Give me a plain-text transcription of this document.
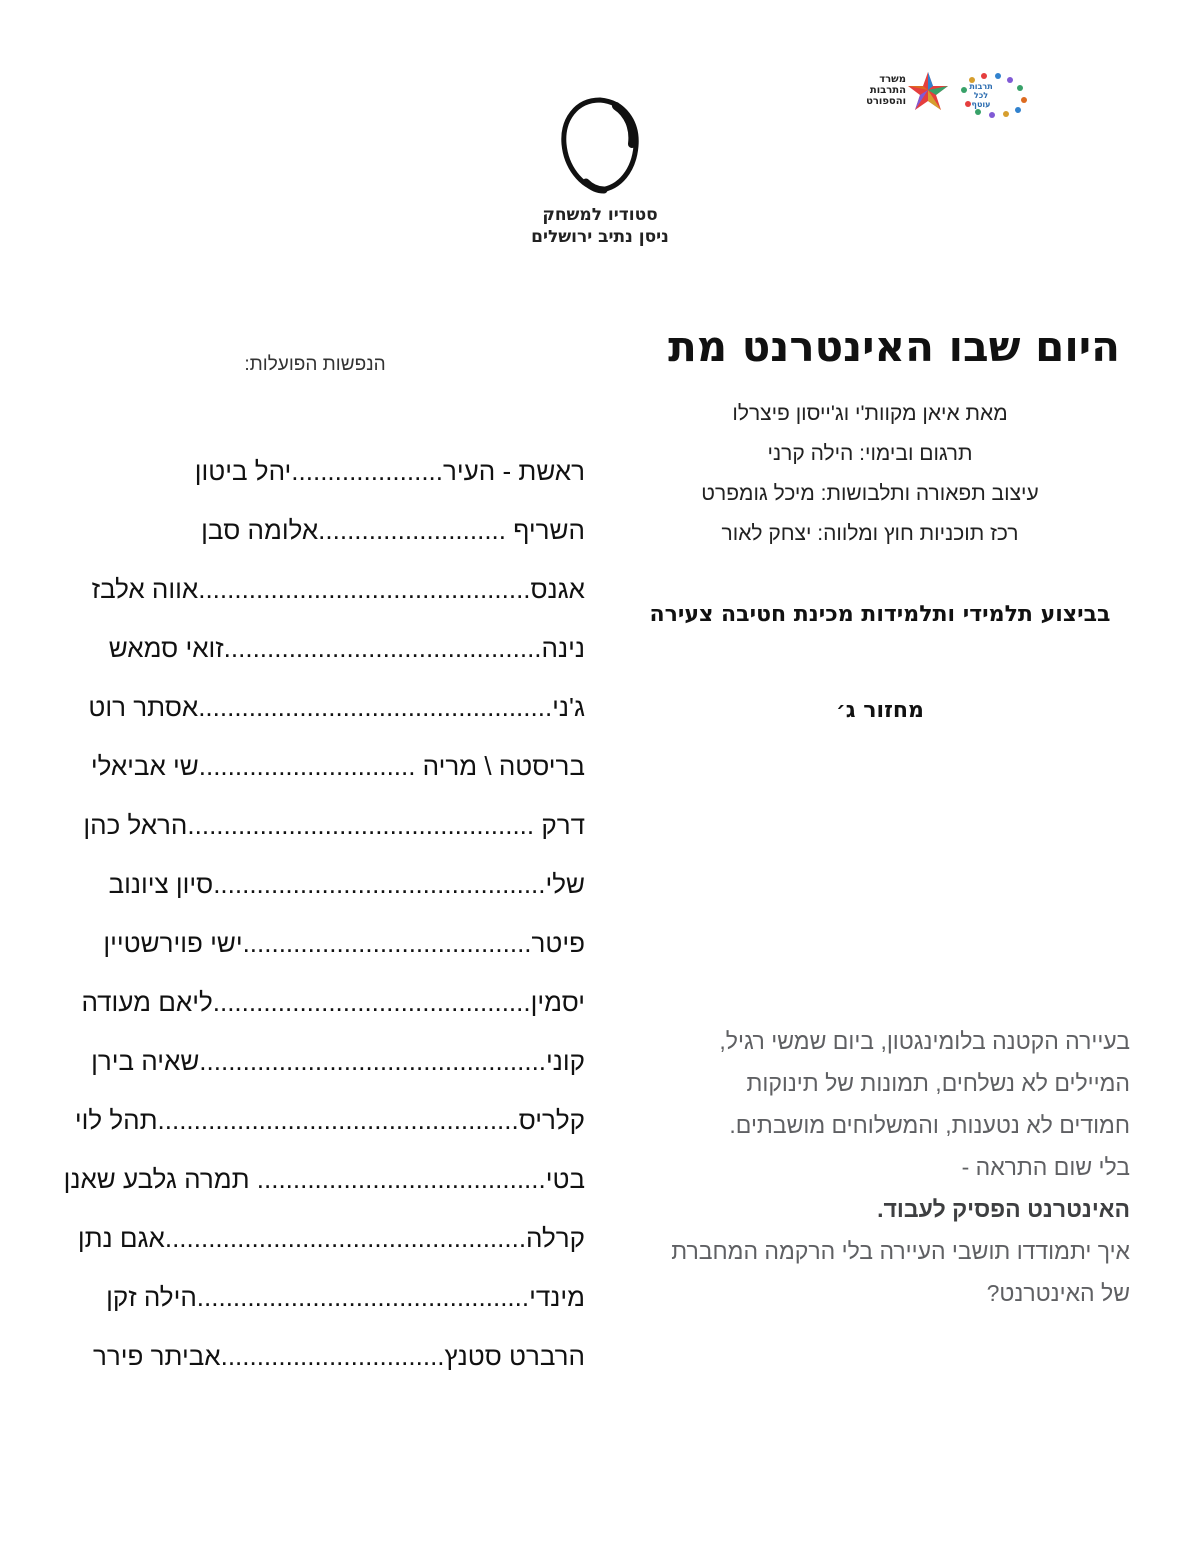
משרד
התרבות
והספורט
תרבות
לכל
עוטף
סטודיו למשחק
ניסן נתיב ירושלים
היום שבו האינטרנט מת
מאת איאן מקוות'י וג'ייסון פיצרלו
תרגום ובימוי: הילה קרני
עיצוב תפאורה ותלבושות: מיכל גומפרט
רכז תוכניות חוץ ומלווה: יצחק לאור
בביצוע תלמידי ותלמידות מכינת חטיבה צעירה
מחזור ג׳

בעיירה הקטנה בלומינגטון, ביום שמשי רגיל,

המיילים לא נשלחים, תמונות של תינוקות

חמודים לא נטענות, והמשלוחים מושבתים.

בלי שום התראה -

האינטרנט הפסיק לעבוד.

איך יתמודדו תושבי העיירה בלי הרקמה המחברת של האינטרנט?

הנפשות הפועלות:
ראשת - העיר.....................יהל ביטון
השריף ..........................אלומה סבן
אגנס..............................................אווה אלבז
נינה............................................זואי סמאש
ג'ני.................................................אסתר רוט
בריסטה \ מריה ..............................שי אביאלי
דרק ................................................הראל כהן
שלי..............................................סיון ציונוב
פיטר........................................ישי פוירשטיין
יסמין............................................ליאם מעודה
קוני................................................שאיה בירן
קלריס..................................................תהל לוי
בטי........................................ תמרה גלבע שאנן
קרלה..................................................אגם נתן
מינדי..............................................הילה זקן
הרברט סטנץ...............................אביתר פירר
